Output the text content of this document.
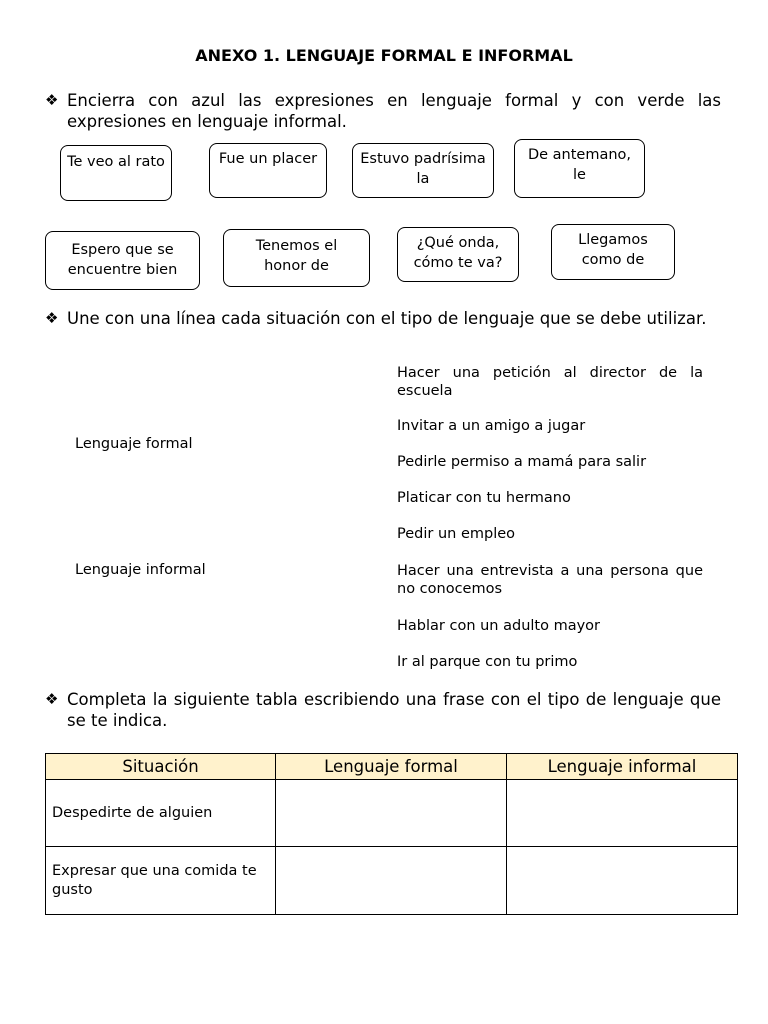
ANEXO 1. LENGUAJE FORMAL E INFORMAL
❖ Encierra con azul las expresiones en lenguaje formal y con verde las expresiones en lenguaje informal.
Te veo al rato	Fue un placer	Estuvo padrísima la
De antemano, le
Espero que se encuentre bien
Tenemos el honor de
¿Qué onda, cómo te va?
Llegamos como de
❖ Une con una línea cada situación con el tipo de lenguaje que se debe utilizar.
Lenguaje formal
Lenguaje informal
Hacer una petición al director de la escuela
Invitar a un amigo a jugar
Pedirle permiso a mamá para salir
Platicar con tu hermano
Pedir un empleo
Hacer una entrevista a una persona que no conocemos
Hablar con un adulto mayor
Ir al parque con tu primo
❖ Completa la siguiente tabla escribiendo una frase con el tipo de lenguaje que se te indica.
Situación	Lenguaje formal	Lenguaje informal
Despedirte de alguien		
Expresar que una comida te gusto		
